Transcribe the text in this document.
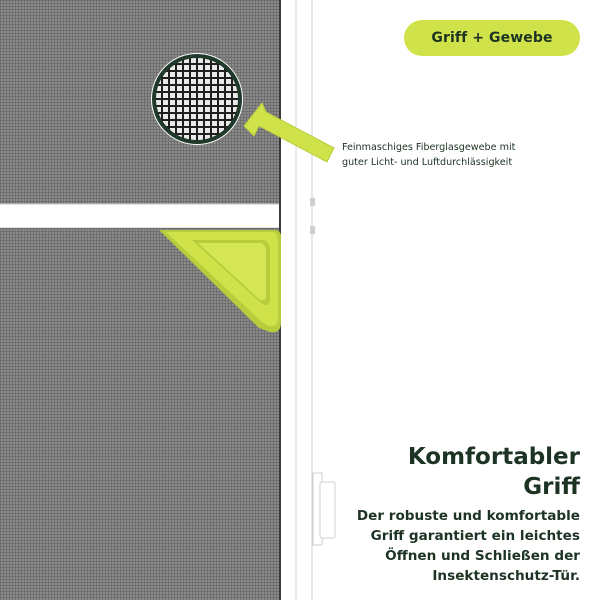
Griff + Gewebe
Feinmaschiges Fiberglasgewebe mit
guter Licht- und Luftdurchlässigkeit
Komfortabler
Griff
Der robuste und komfortable
Griff garantiert ein leichtes
Öffnen und Schließen der
Insektenschutz-Tür.
